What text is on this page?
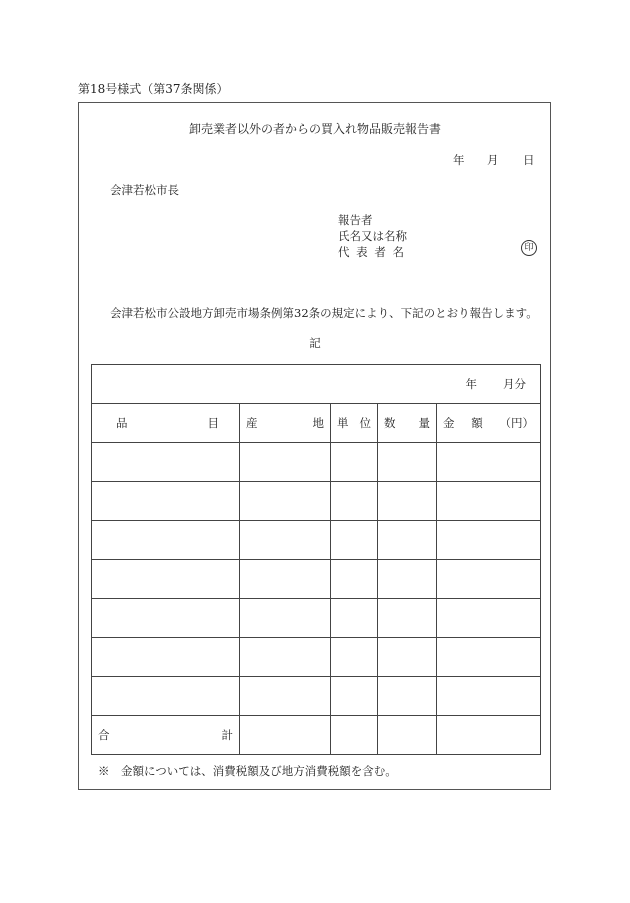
第18号様式（第37条関係）
卸売業者以外の者からの買入れ物品販売報告書
年 月 日
会津若松市長
報告者
氏名又は名称
代 表 者 名	印
会津若松市公設地方卸売市場条例第32条の規定により、下記のとおり報告します。
記
年 月分				

品 目	産 地	単 位	数 量	金 額 （円）

合 計				

※　金額については、消費税額及び地方消費税額を含む。
